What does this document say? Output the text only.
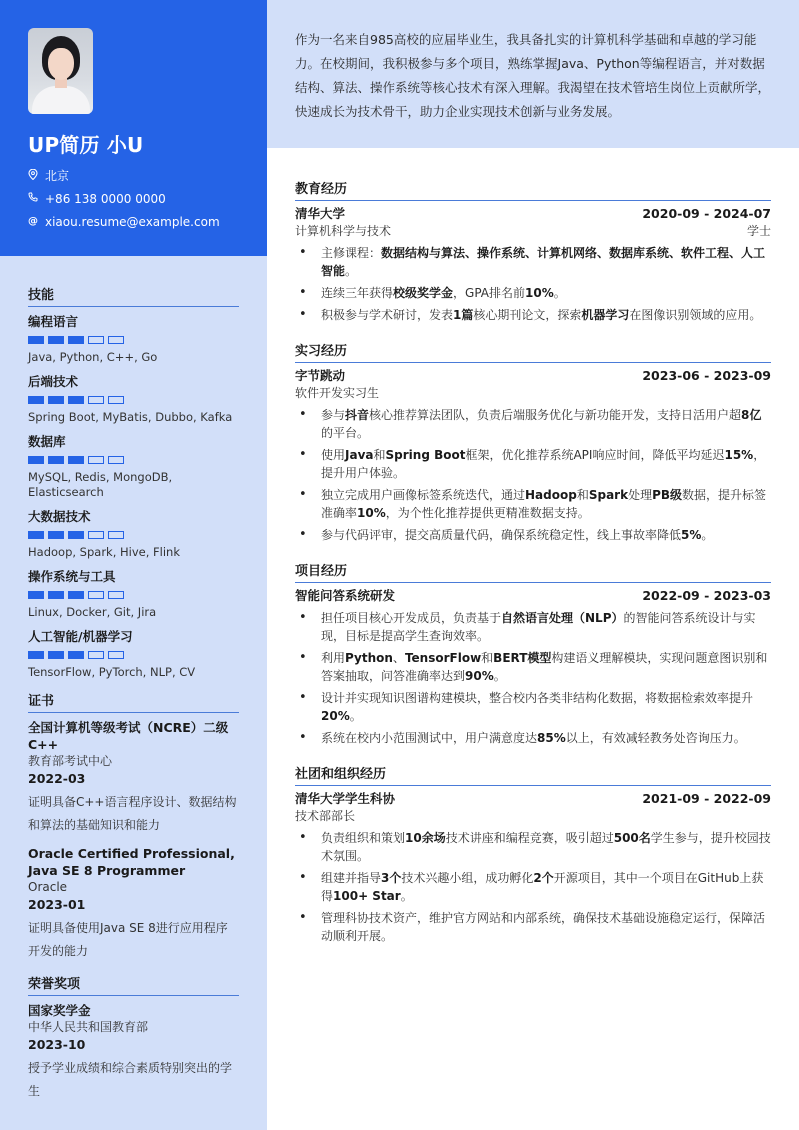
UP简历 小U
北京
+86 138 0000 0000
@ xiaou.resume@example.com
技能
编程语言
Java, Python, C++, Go
后端技术
Spring Boot, MyBatis, Dubbo, Kafka
数据库
MySQL, Redis, MongoDB, Elasticsearch
大数据技术
Hadoop, Spark, Hive, Flink
操作系统与工具
Linux, Docker, Git, Jira
人工智能/机器学习
TensorFlow, PyTorch, NLP, CV
证书
全国计算机等级考试（NCRE）二级C++
教育部考试中心
2022-03
证明具备C++语言程序设计、数据结构和算法的基础知识和能力
Oracle Certified Professional, Java SE 8 Programmer
Oracle
2023-01
证明具备使用Java SE 8进行应用程序开发的能力
荣誉奖项
国家奖学金
中华人民共和国教育部
2023-10
授予学业成绩和综合素质特别突出的学生

作为一名来自985高校的应届毕业生，我具备扎实的计算机科学基础和卓越的学习能力。在校期间，我积极参与多个项目，熟练掌握Java、Python等编程语言，并对数据结构、算法、操作系统等核心技术有深入理解。我渴望在技术管培生岗位上贡献所学，快速成长为技术骨干，助力企业实现技术创新与业务发展。

教育经历
清华大学	2020-09 - 2024-07
计算机科学与技术	学士
• 主修课程：数据结构与算法、操作系统、计算机网络、数据库系统、软件工程、人工智能。
• 连续三年获得校级奖学金，GPA排名前10%。
• 积极参与学术研讨，发表1篇核心期刊论文，探索机器学习在图像识别领域的应用。
实习经历
字节跳动	2023-06 - 2023-09
软件开发实习生
• 参与抖音核心推荐算法团队，负责后端服务优化与新功能开发，支持日活用户超8亿的平台。
• 使用Java和Spring Boot框架，优化推荐系统API响应时间，降低平均延迟15%，提升用户体验。
• 独立完成用户画像标签系统迭代，通过Hadoop和Spark处理PB级数据，提升标签准确率10%，为个性化推荐提供更精准数据支持。
• 参与代码评审，提交高质量代码，确保系统稳定性，线上事故率降低5%。
项目经历
智能问答系统研发	2022-09 - 2023-03
• 担任项目核心开发成员，负责基于自然语言处理（NLP）的智能问答系统设计与实现，目标是提高学生查询效率。
• 利用Python、TensorFlow和BERT模型构建语义理解模块，实现问题意图识别和答案抽取，问答准确率达到90%。
• 设计并实现知识图谱构建模块，整合校内各类非结构化数据，将数据检索效率提升20%。
• 系统在校内小范围测试中，用户满意度达85%以上，有效减轻教务处咨询压力。
社团和组织经历
清华大学学生科协	2021-09 - 2022-09
技术部部长
• 负责组织和策划10余场技术讲座和编程竞赛，吸引超过500名学生参与，提升校园技术氛围。
• 组建并指导3个技术兴趣小组，成功孵化2个开源项目，其中一个项目在GitHub上获得100+ Star。
• 管理科协技术资产，维护官方网站和内部系统，确保技术基础设施稳定运行，保障活动顺利开展。
